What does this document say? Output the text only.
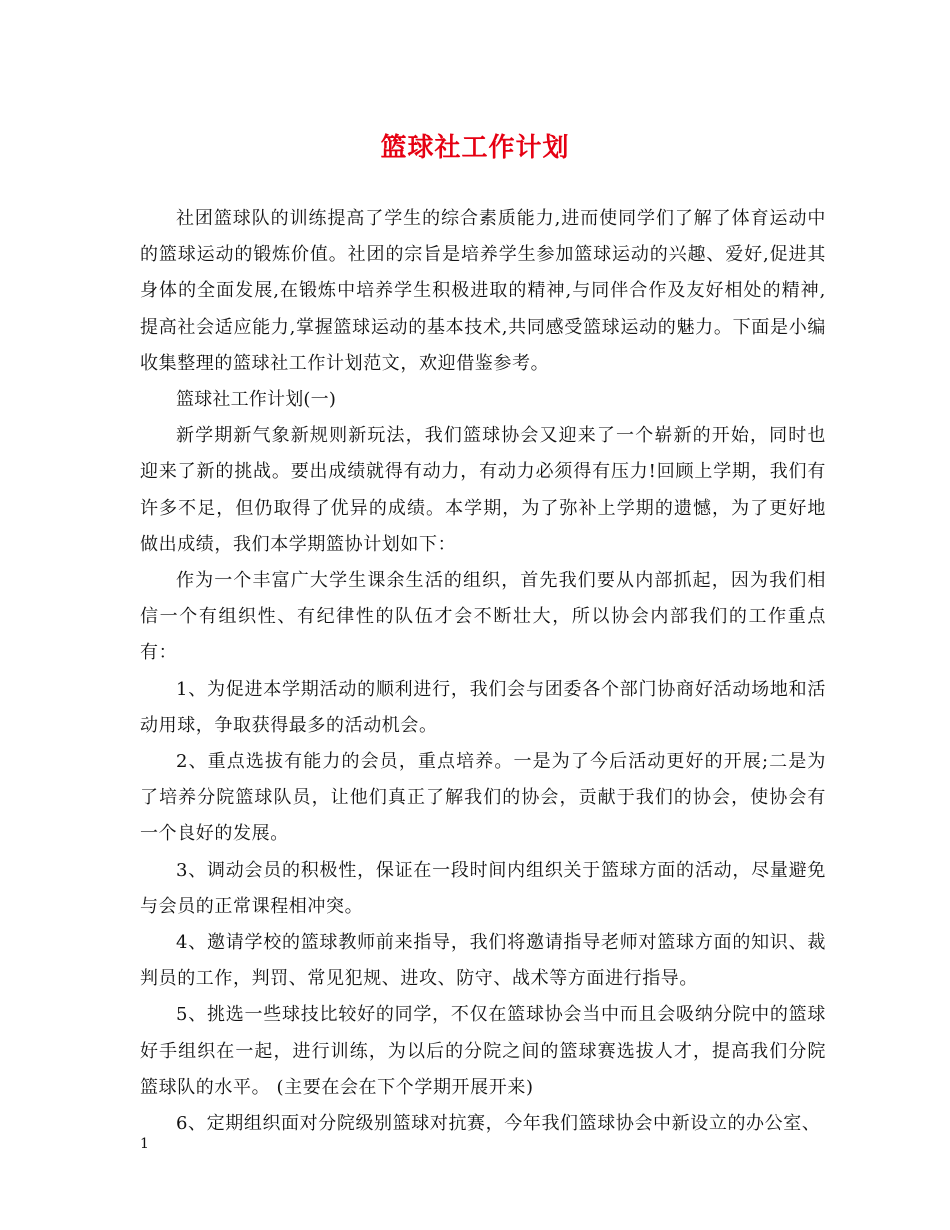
篮球社工作计划

社团篮球队的训练提高了学生的综合素质能力,进而使同学们了解了体育运动中的篮球运动的锻炼价值。社团的宗旨是培养学生参加篮球运动的兴趣、爱好,促进其身体的全面发展,在锻炼中培养学生积极进取的精神,与同伴合作及友好相处的精神,提高社会适应能力,掌握篮球运动的基本技术,共同感受篮球运动的魅力。下面是小编收集整理的篮球社工作计划范文，欢迎借鉴参考。

篮球社工作计划(一)

新学期新气象新规则新玩法，我们篮球协会又迎来了一个崭新的开始，同时也迎来了新的挑战。要出成绩就得有动力，有动力必须得有压力!回顾上学期，我们有许多不足，但仍取得了优异的成绩。本学期，为了弥补上学期的遗憾，为了更好地做出成绩，我们本学期篮协计划如下：

作为一个丰富广大学生课余生活的组织，首先我们要从内部抓起，因为我们相信一个有组织性、有纪律性的队伍才会不断壮大，所以协会内部我们的工作重点有：

1、为促进本学期活动的顺利进行，我们会与团委各个部门协商好活动场地和活动用球，争取获得最多的活动机会。

2、重点选拔有能力的会员，重点培养。一是为了今后活动更好的开展;二是为了培养分院篮球队员，让他们真正了解我们的协会，贡献于我们的协会，使协会有一个良好的发展。

3、调动会员的积极性，保证在一段时间内组织关于篮球方面的活动，尽量避免与会员的正常课程相冲突。

4、邀请学校的篮球教师前来指导，我们将邀请指导老师对篮球方面的知识、裁判员的工作，判罚、常见犯规、进攻、防守、战术等方面进行指导。

5、挑选一些球技比较好的同学，不仅在篮球协会当中而且会吸纳分院中的篮球好手组织在一起，进行训练，为以后的分院之间的篮球赛选拔人才，提高我们分院篮球队的水平。 (主要在会在下个学期开展开来)

6、定期组织面对分院级别篮球对抗赛，今年我们篮球协会中新设立的办公室、

1
